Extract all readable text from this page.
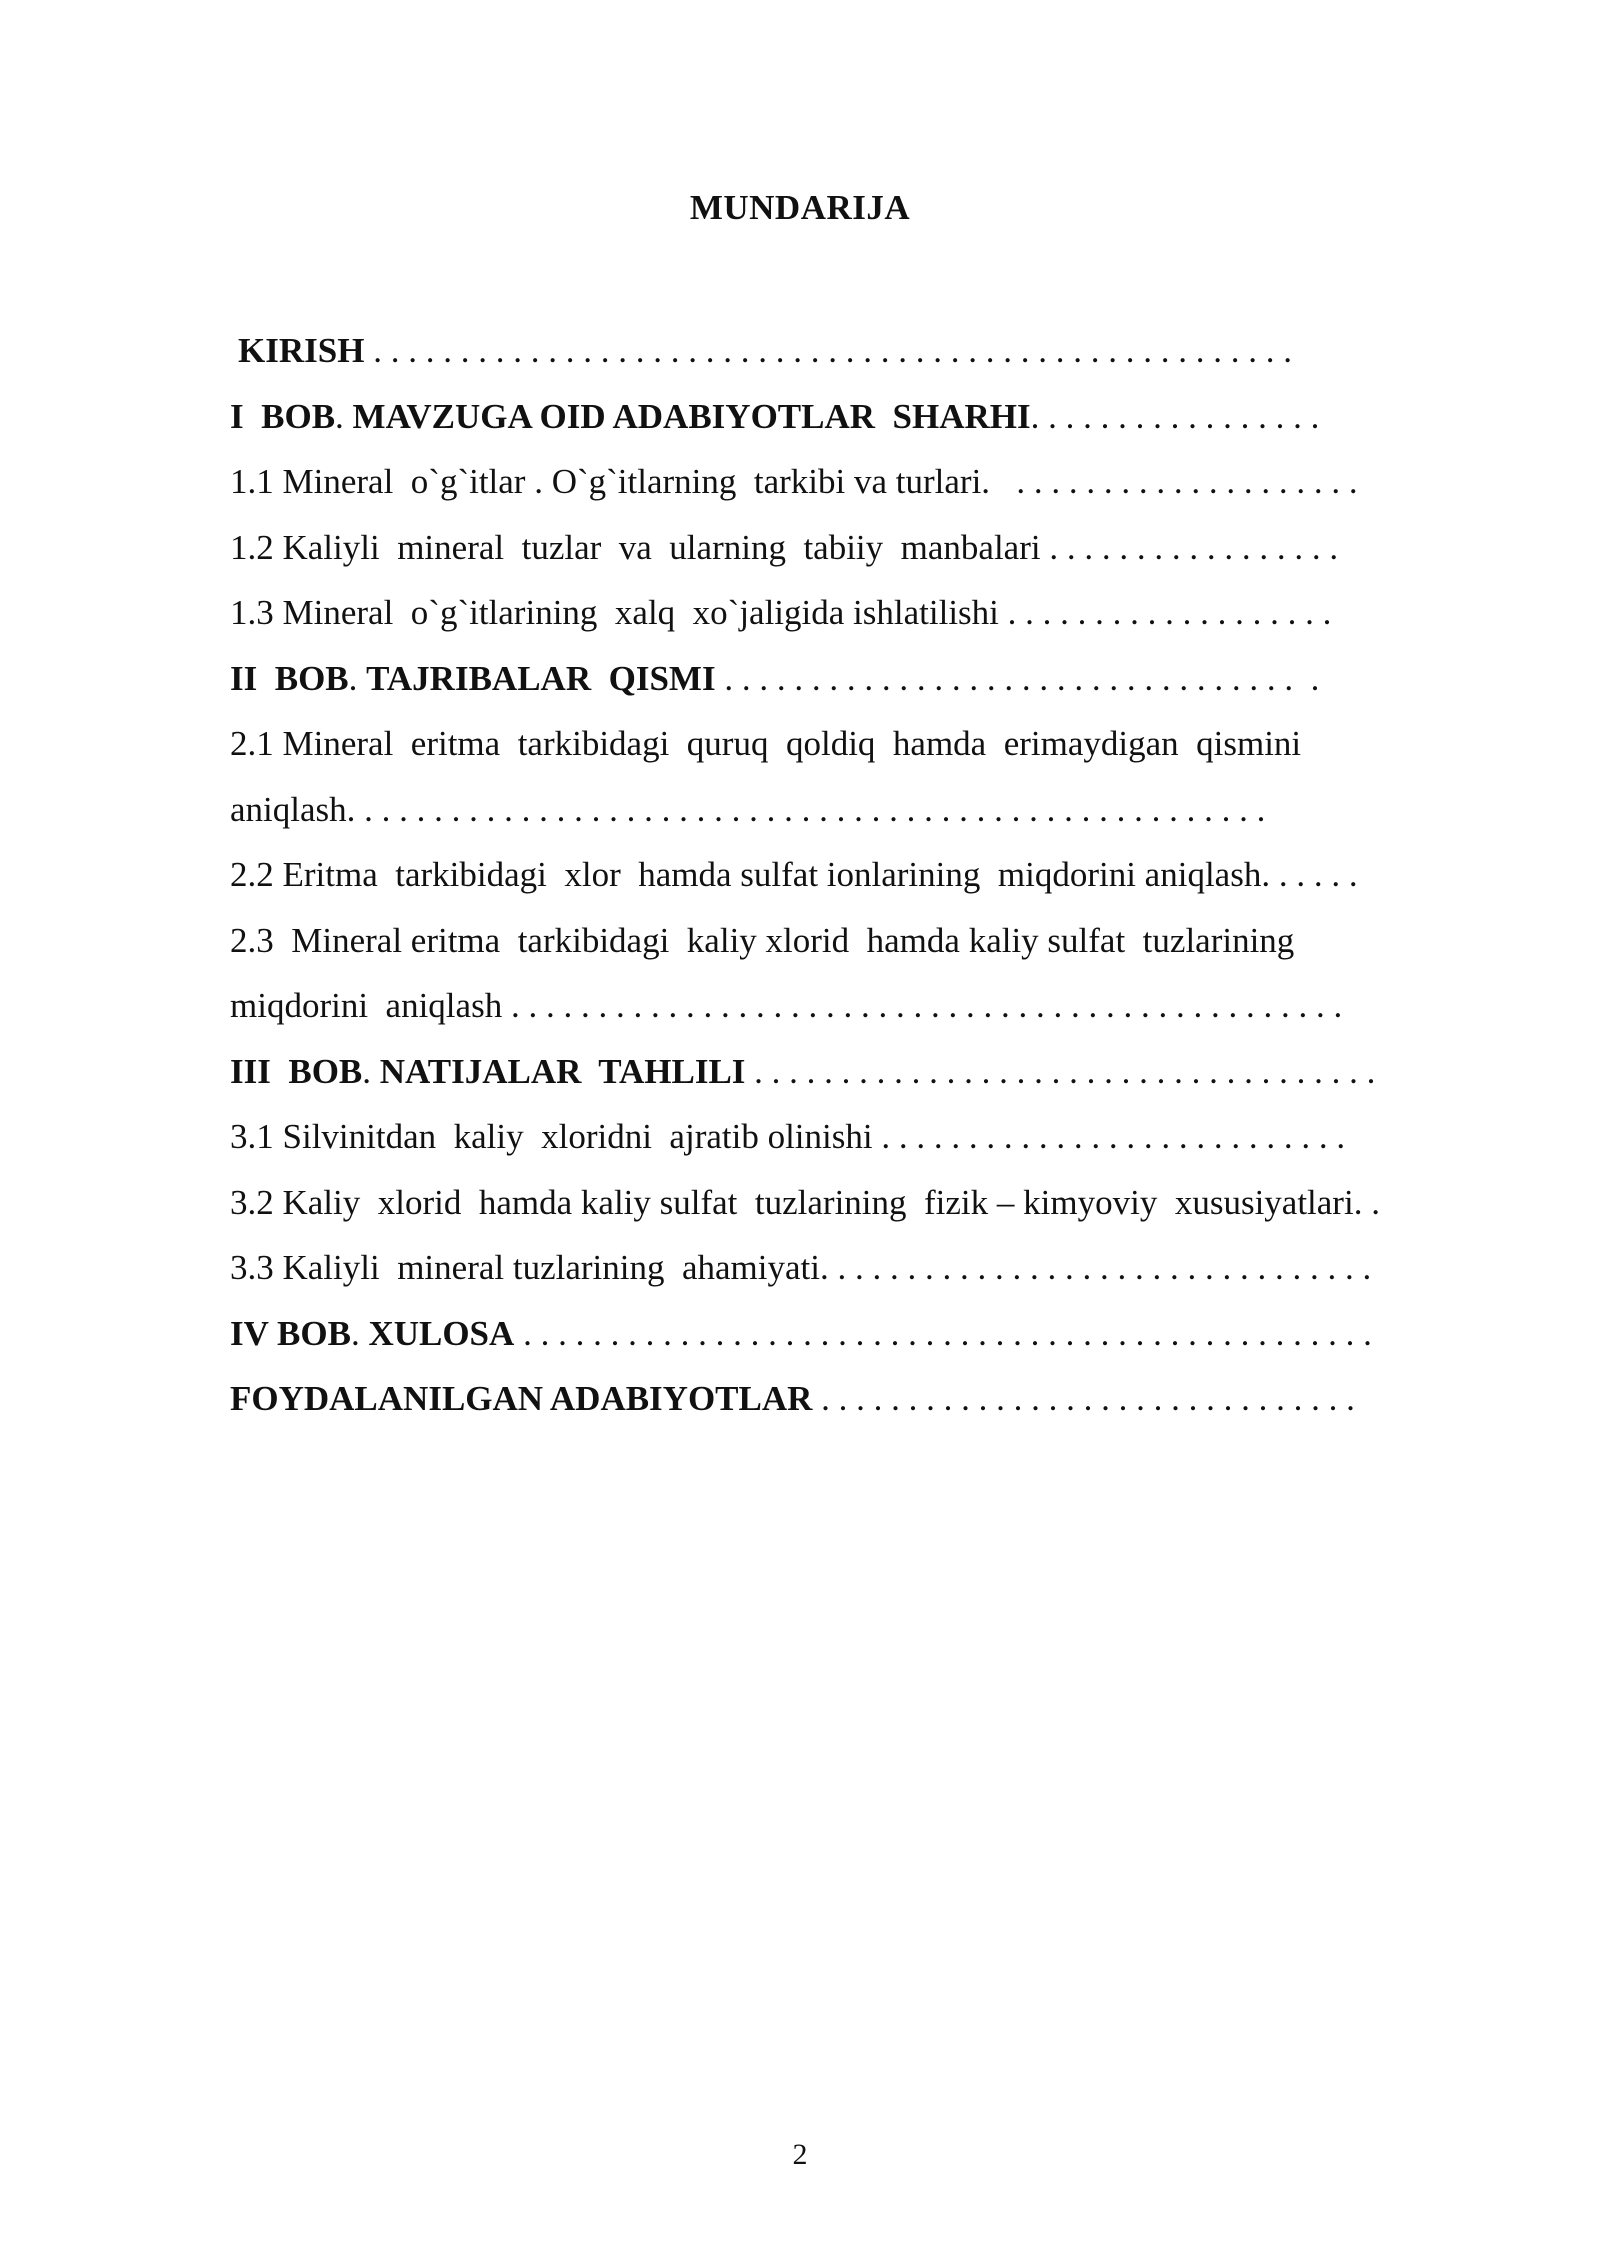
MUNDARIJA
KIRISH . . . . . . . . . . . . . . . . . . . . . . . . . . . . . . . . . . . . . . . . . . . . . . . . . . . . .
I  BOB. MAVZUGA OID ADABIYOTLAR  SHARHI. . . . . . . . . . . . . . . . .
1.1 Mineral  o`g`itlar . O`g`itlarning  tarkibi va turlari.   . . . . . . . . . . . . . . . . . . . .
1.2 Kaliyli  mineral  tuzlar  va  ularning  tabiiy  manbalari . . . . . . . . . . . . . . . . .
1.3 Mineral  o`g`itlarining  xalq  xo`jaligida ishlatilishi . . . . . . . . . . . . . . . . . . .
II  BOB. TAJRIBALAR  QISMI . . . . . . . . . . . . . . . . . . . . . . . . . . . . . . . . .  .
2.1 Mineral  eritma  tarkibidagi  quruq  qoldiq  hamda  erimaydigan  qismini
aniqlash. . . . . . . . . . . . . . . . . . . . . . . . . . . . . . . . . . . . . . . . . . . . . . . . . . . . .
2.2 Eritma  tarkibidagi  xlor  hamda sulfat ionlarining  miqdorini aniqlash. . . . . .
2.3  Mineral eritma  tarkibidagi  kaliy xlorid  hamda kaliy sulfat  tuzlarining
miqdorini  aniqlash . . . . . . . . . . . . . . . . . . . . . . . . . . . . . . . . . . . . . . . . . . . . . . . .
III  BOB. NATIJALAR  TAHLILI . . . . . . . . . . . . . . . . . . . . . . . . . . . . . . . . . . . .
3.1 Silvinitdan  kaliy  xloridni  ajratib olinishi . . . . . . . . . . . . . . . . . . . . . . . . . . .
3.2 Kaliy  xlorid  hamda kaliy sulfat  tuzlarining  fizik – kimyoviy  xususiyatlari. .
3.3 Kaliyli  mineral tuzlarining  ahamiyati. . . . . . . . . . . . . . . . . . . . . . . . . . . . . . . .
IV BOB. XULOSA . . . . . . . . . . . . . . . . . . . . . . . . . . . . . . . . . . . . . . . . . . . . . . . . .
FOYDALANILGAN ADABIYOTLAR . . . . . . . . . . . . . . . . . . . . . . . . . . . . . . .
2
